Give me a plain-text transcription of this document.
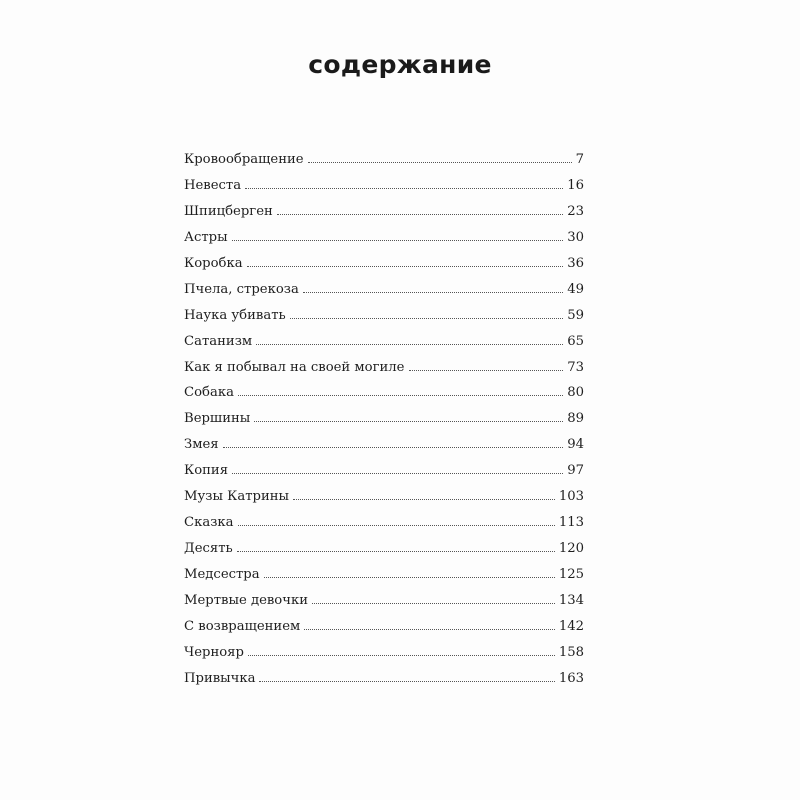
содержание
Кровообращение	7
Невеста	16
Шпицберген	23
Астры	30
Коробка	36
Пчела, стрекоза	49
Наука убивать	59
Сатанизм	65
Как я побывал на своей могиле	73
Собака	80
Вершины	89
Змея	94
Копия	97
Музы Катрины	103
Сказка	113
Десять	120
Медсестра	125
Мертвые девочки	134
С возвращением	142
Чернояр	158
Привычка	163
